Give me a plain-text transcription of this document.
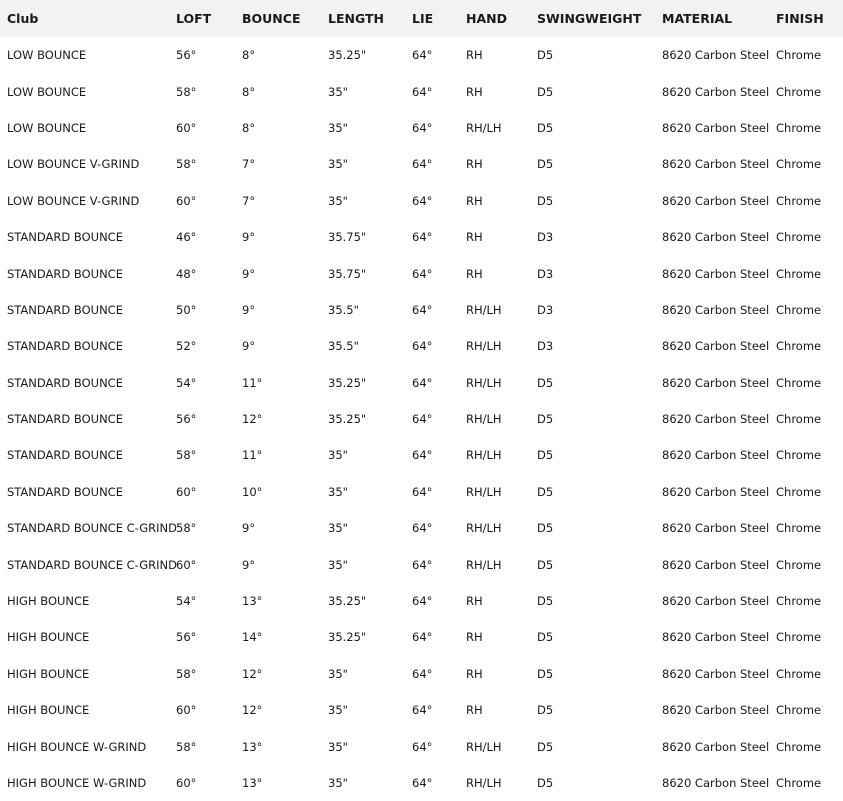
Club	LOFT	BOUNCE	LENGTH	LIE	HAND	SWINGWEIGHT	MATERIAL	FINISH
LOW BOUNCE	56°	8°	35.25"	64°	RH	D5	8620 Carbon Steel	Chrome
LOW BOUNCE	58°	8°	35"	64°	RH	D5	8620 Carbon Steel	Chrome
LOW BOUNCE	60°	8°	35"	64°	RH/LH	D5	8620 Carbon Steel	Chrome
LOW BOUNCE V-GRIND	58°	7°	35"	64°	RH	D5	8620 Carbon Steel	Chrome
LOW BOUNCE V-GRIND	60°	7°	35"	64°	RH	D5	8620 Carbon Steel	Chrome
STANDARD BOUNCE	46°	9°	35.75"	64°	RH	D3	8620 Carbon Steel	Chrome
STANDARD BOUNCE	48°	9°	35.75"	64°	RH	D3	8620 Carbon Steel	Chrome
STANDARD BOUNCE	50°	9°	35.5"	64°	RH/LH	D3	8620 Carbon Steel	Chrome
STANDARD BOUNCE	52°	9°	35.5"	64°	RH/LH	D3	8620 Carbon Steel	Chrome
STANDARD BOUNCE	54°	11°	35.25"	64°	RH/LH	D5	8620 Carbon Steel	Chrome
STANDARD BOUNCE	56°	12°	35.25"	64°	RH/LH	D5	8620 Carbon Steel	Chrome
STANDARD BOUNCE	58°	11°	35"	64°	RH/LH	D5	8620 Carbon Steel	Chrome
STANDARD BOUNCE	60°	10°	35"	64°	RH/LH	D5	8620 Carbon Steel	Chrome
STANDARD BOUNCE C-GRIND	58°	9°	35"	64°	RH/LH	D5	8620 Carbon Steel	Chrome
STANDARD BOUNCE C-GRIND	60°	9°	35"	64°	RH/LH	D5	8620 Carbon Steel	Chrome
HIGH BOUNCE	54°	13°	35.25"	64°	RH	D5	8620 Carbon Steel	Chrome
HIGH BOUNCE	56°	14°	35.25"	64°	RH	D5	8620 Carbon Steel	Chrome
HIGH BOUNCE	58°	12°	35"	64°	RH	D5	8620 Carbon Steel	Chrome
HIGH BOUNCE	60°	12°	35"	64°	RH	D5	8620 Carbon Steel	Chrome
HIGH BOUNCE W-GRIND	58°	13°	35"	64°	RH/LH	D5	8620 Carbon Steel	Chrome
HIGH BOUNCE W-GRIND	60°	13°	35"	64°	RH/LH	D5	8620 Carbon Steel	Chrome
